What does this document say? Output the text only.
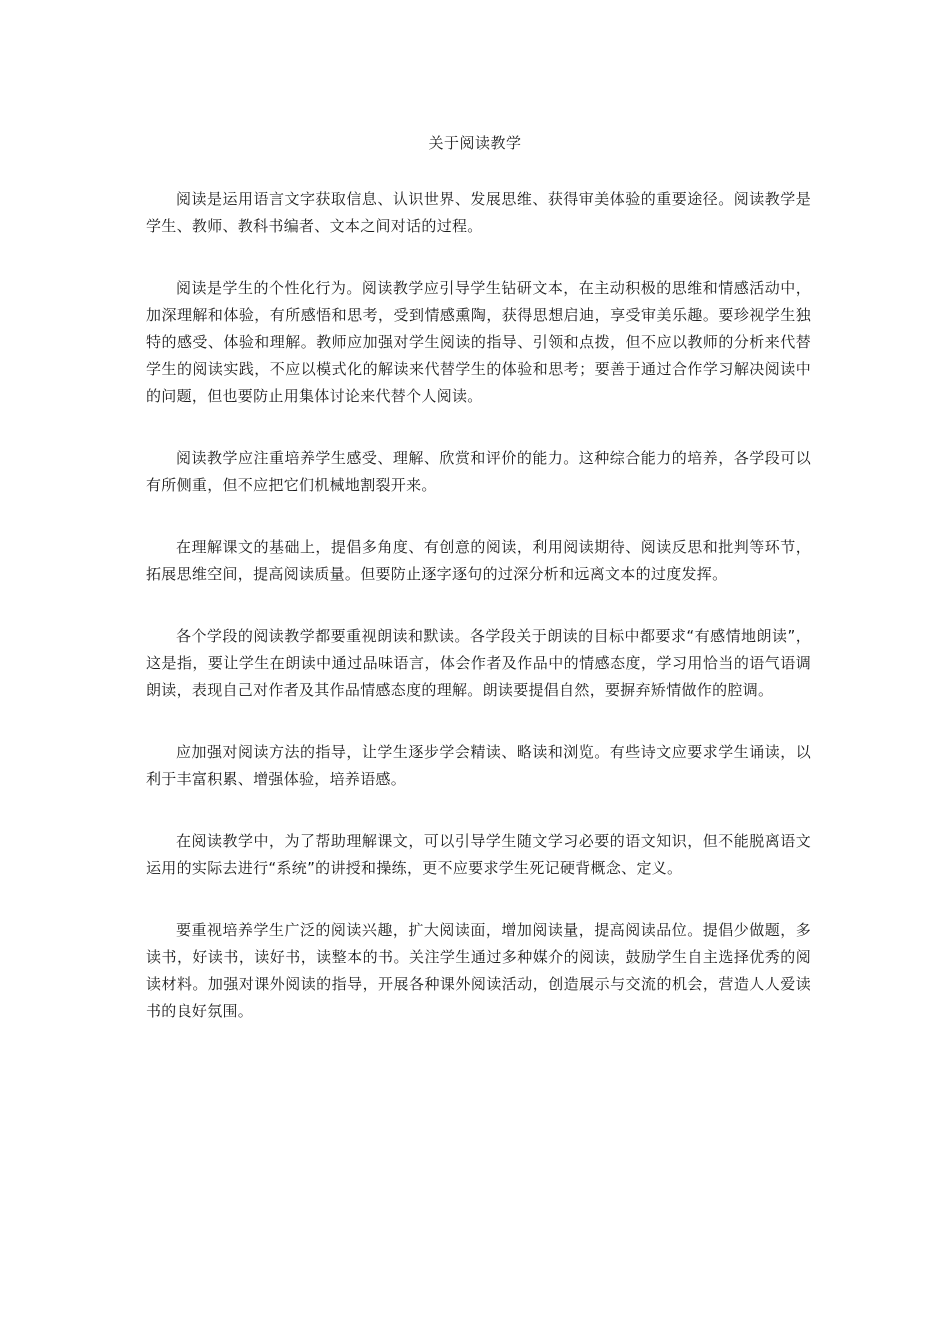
关于阅读教学

阅读是运用语言文字获取信息、认识世界、发展思维、获得审美体验的重要途径。阅读教学是学生、教师、教科书编者、文本之间对话的过程。

阅读是学生的个性化行为。阅读教学应引导学生钻研文本，在主动积极的思维和情感活动中，加深理解和体验，有所感悟和思考，受到情感熏陶，获得思想启迪，享受审美乐趣。要珍视学生独特的感受、体验和理解。教师应加强对学生阅读的指导、引领和点拨，但不应以教师的分析来代替学生的阅读实践，不应以模式化的解读来代替学生的体验和思考；要善于通过合作学习解决阅读中的问题，但也要防止用集体讨论来代替个人阅读。

阅读教学应注重培养学生感受、理解、欣赏和评价的能力。这种综合能力的培养，各学段可以有所侧重，但不应把它们机械地割裂开来。

在理解课文的基础上，提倡多角度、有创意的阅读，利用阅读期待、阅读反思和批判等环节，拓展思维空间，提高阅读质量。但要防止逐字逐句的过深分析和远离文本的过度发挥。

各个学段的阅读教学都要重视朗读和默读。各学段关于朗读的目标中都要求“有感情地朗读”，这是指，要让学生在朗读中通过品味语言，体会作者及作品中的情感态度，学习用恰当的语气语调朗读，表现自己对作者及其作品情感态度的理解。朗读要提倡自然，要摒弃矫情做作的腔调。

应加强对阅读方法的指导，让学生逐步学会精读、略读和浏览。有些诗文应要求学生诵读，以利于丰富积累、增强体验，培养语感。

在阅读教学中，为了帮助理解课文，可以引导学生随文学习必要的语文知识，但不能脱离语文运用的实际去进行“系统”的讲授和操练，更不应要求学生死记硬背概念、定义。

要重视培养学生广泛的阅读兴趣，扩大阅读面，增加阅读量，提高阅读品位。提倡少做题，多读书，好读书，读好书，读整本的书。关注学生通过多种媒介的阅读，鼓励学生自主选择优秀的阅读材料。加强对课外阅读的指导，开展各种课外阅读活动，创造展示与交流的机会，营造人人爱读书的良好氛围。
